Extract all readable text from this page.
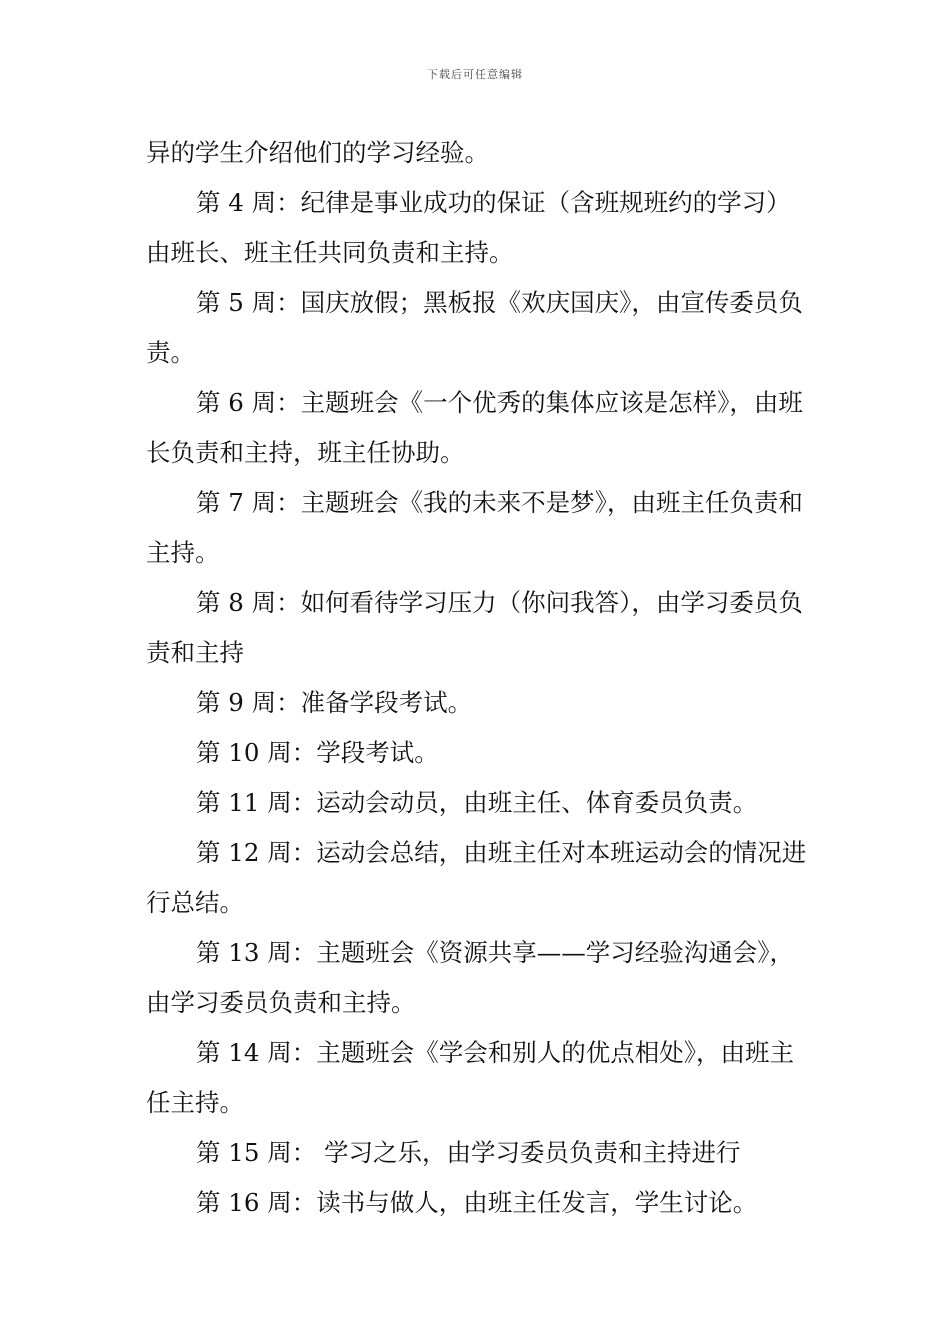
下载后可任意编辑

异的学生介绍他们的学习经验。

第 4 周：纪律是事业成功的保证（含班规班约的学习）由班长、班主任共同负责和主持。

第 5 周：国庆放假；黑板报《欢庆国庆》，由宣传委员负责。

第 6 周：主题班会《一个优秀的集体应该是怎样》，由班长负责和主持，班主任协助。

第 7 周：主题班会《我的未来不是梦》，由班主任负责和主持。

第 8 周：如何看待学习压力（你问我答），由学习委员负责和主持

第 9 周：准备学段考试。

第 10 周：学段考试。

第 11 周：运动会动员，由班主任、体育委员负责。

第 12 周：运动会总结，由班主任对本班运动会的情况进行总结。

第 13 周：主题班会《资源共享——学习经验沟通会》，由学习委员负责和主持。

第 14 周：主题班会《学会和别人的优点相处》，由班主任主持。

第 15 周： 学习之乐，由学习委员负责和主持进行

第 16 周：读书与做人，由班主任发言，学生讨论。
